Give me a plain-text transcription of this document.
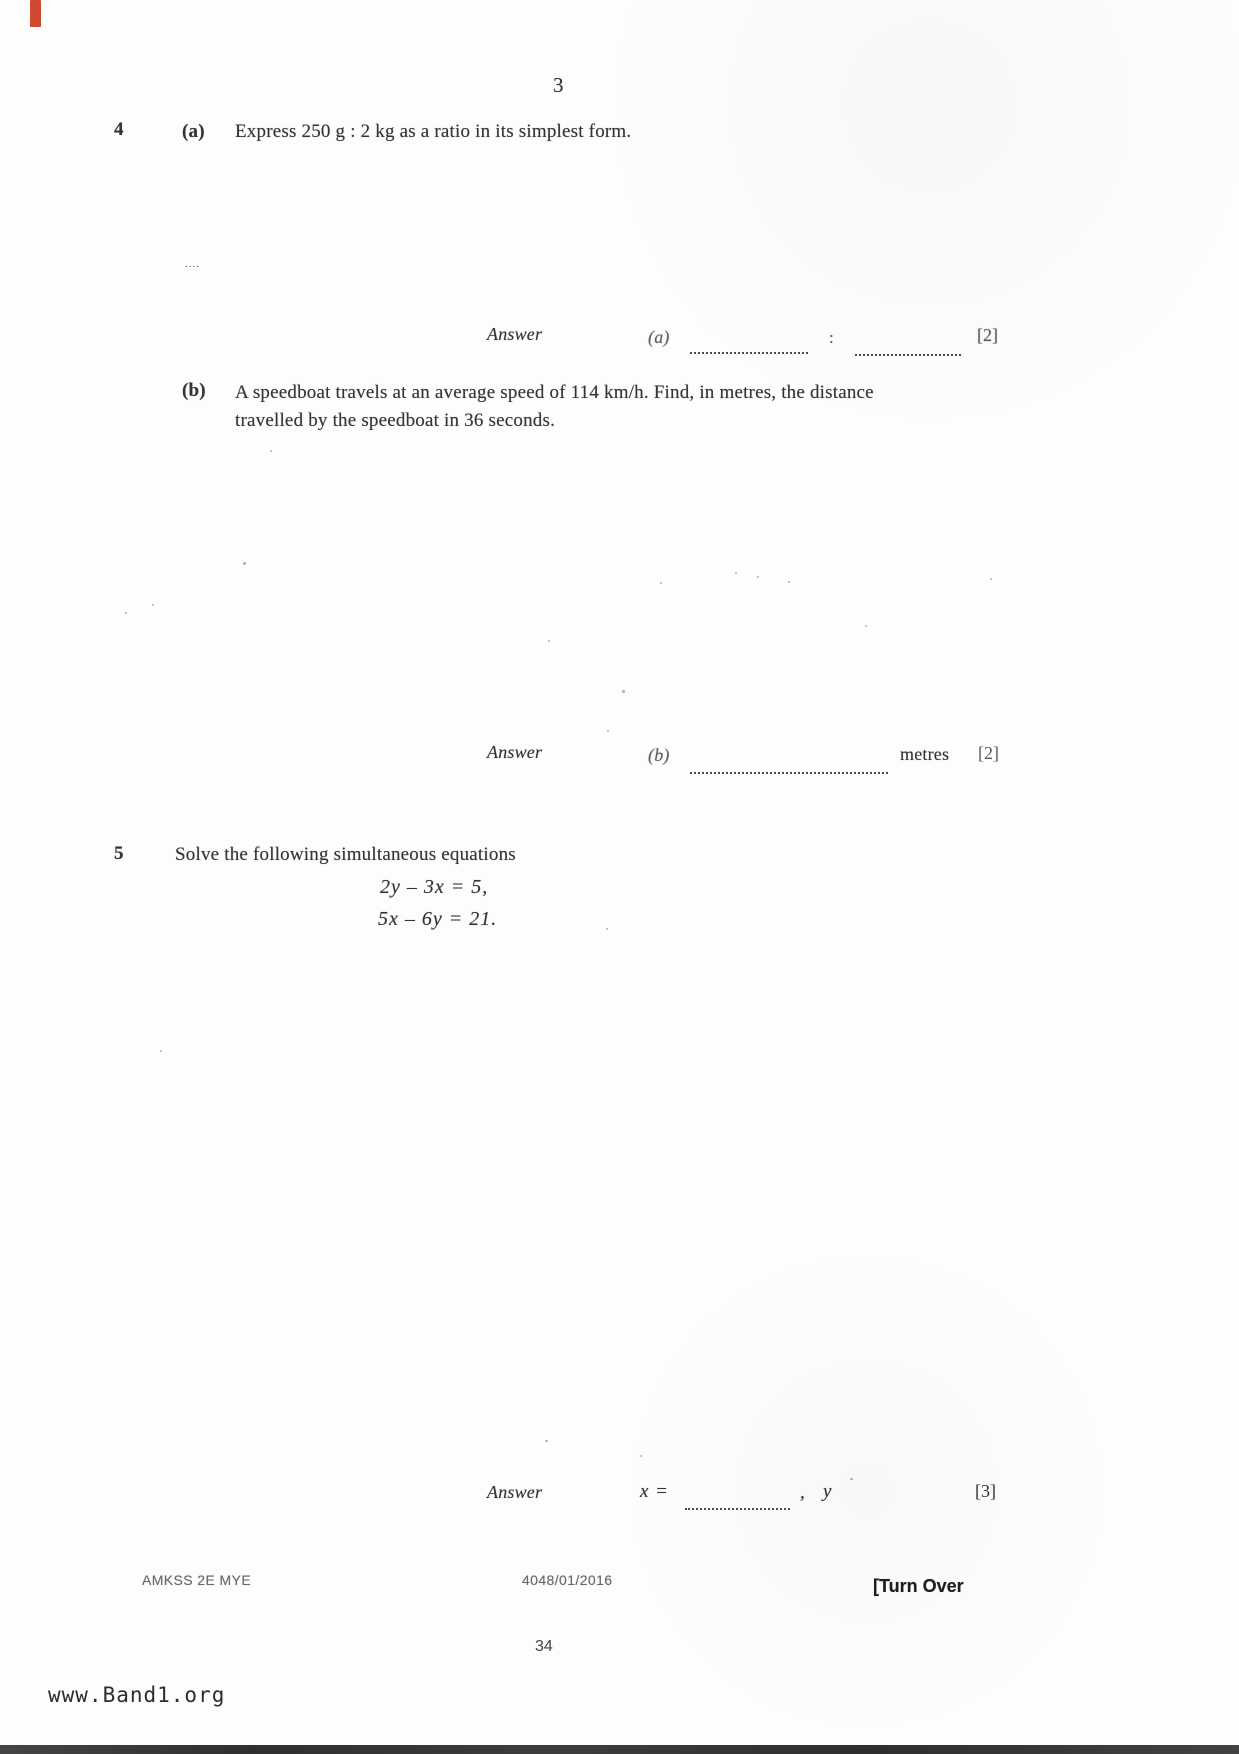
3
4	(a) Express 250 g : 2 kg as a ratio in its simplest form.
....
Answer	(a)	:	[2]
(b) A speedboat travels at an average speed of 114 km/h. Find, in metres, the distance
travelled by the speedboat in 36 seconds.
Answer	(b)	metres [2]
5	Solve the following simultaneous equations
2y – 3x = 5,
5x – 6y = 21.
Answer	x =	, y	[3]
AMKSS 2E MYE	4048/01/2016	[Turn Over
34
www.Band1.org
